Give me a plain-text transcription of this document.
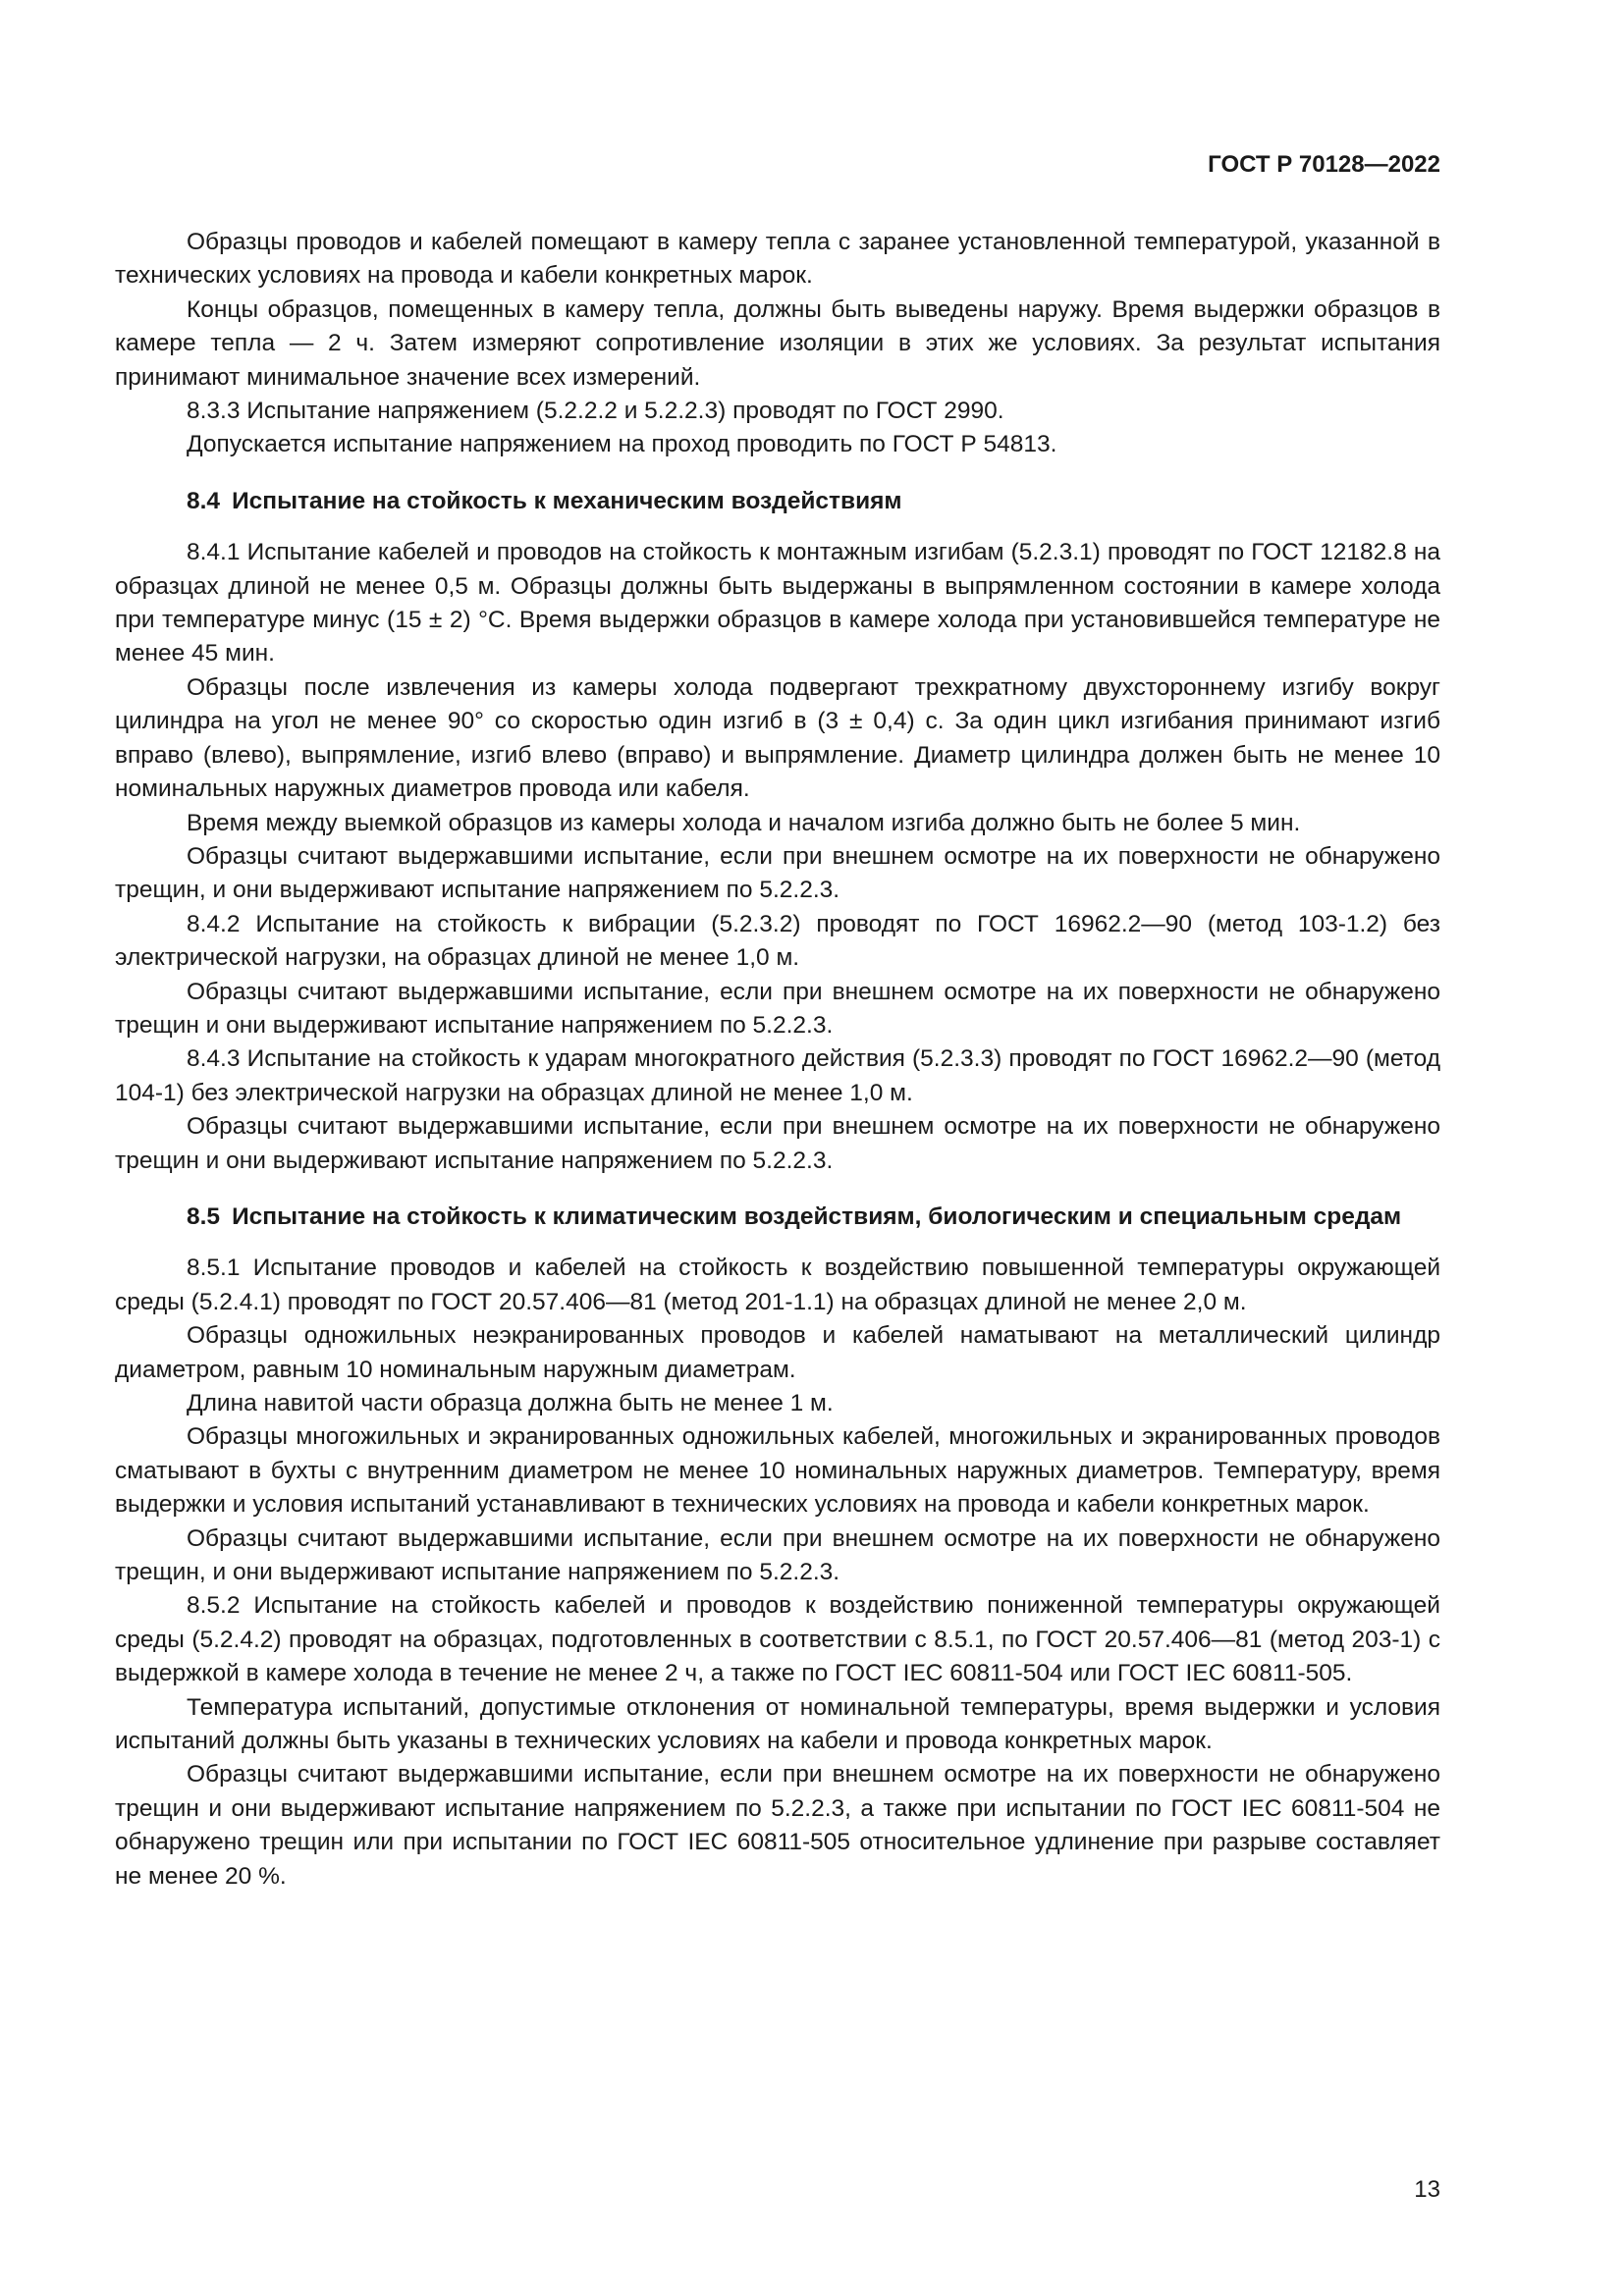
ГОСТ Р 70128—2022

Образцы проводов и кабелей помещают в камеру тепла с заранее установленной температурой, указанной в технических условиях на провода и кабели конкретных марок.

Концы образцов, помещенных в камеру тепла, должны быть выведены наружу. Время выдержки образцов в камере тепла — 2 ч. Затем измеряют сопротивление изоляции в этих же условиях. За результат испытания принимают минимальное значение всех измерений.

8.3.3 Испытание напряжением (5.2.2.2 и 5.2.2.3) проводят по ГОСТ 2990.

Допускается испытание напряжением на проход проводить по ГОСТ Р 54813.

8.4 Испытание на стойкость к механическим воздействиям

8.4.1 Испытание кабелей и проводов на стойкость к монтажным изгибам (5.2.3.1) проводят по ГОСТ 12182.8 на образцах длиной не менее 0,5 м. Образцы должны быть выдержаны в выпрямленном состоянии в камере холода при температуре минус (15 ± 2) °С. Время выдержки образцов в камере холода при установившейся температуре не менее 45 мин.

Образцы после извлечения из камеры холода подвергают трехкратному двухстороннему изгибу вокруг цилиндра на угол не менее 90° со скоростью один изгиб в (3 ± 0,4) с. За один цикл изгибания принимают изгиб вправо (влево), выпрямление, изгиб влево (вправо) и выпрямление. Диаметр цилиндра должен быть не менее 10 номинальных наружных диаметров провода или кабеля.

Время между выемкой образцов из камеры холода и началом изгиба должно быть не более 5 мин.

Образцы считают выдержавшими испытание, если при внешнем осмотре на их поверхности не обнаружено трещин, и они выдерживают испытание напряжением по 5.2.2.3.

8.4.2 Испытание на стойкость к вибрации (5.2.3.2) проводят по ГОСТ 16962.2—90 (метод 103-1.2) без электрической нагрузки, на образцах длиной не менее 1,0 м.

Образцы считают выдержавшими испытание, если при внешнем осмотре на их поверхности не обнаружено трещин и они выдерживают испытание напряжением по 5.2.2.3.

8.4.3 Испытание на стойкость к ударам многократного действия (5.2.3.3) проводят по ГОСТ 16962.2—90 (метод 104-1) без электрической нагрузки на образцах длиной не менее 1,0 м.

Образцы считают выдержавшими испытание, если при внешнем осмотре на их поверхности не обнаружено трещин и они выдерживают испытание напряжением по 5.2.2.3.

8.5 Испытание на стойкость к климатическим воздействиям, биологическим и специальным средам

8.5.1 Испытание проводов и кабелей на стойкость к воздействию повышенной температуры окружающей среды (5.2.4.1) проводят по ГОСТ 20.57.406—81 (метод 201-1.1) на образцах длиной не менее 2,0 м.

Образцы одножильных неэкранированных проводов и кабелей наматывают на металлический цилиндр диаметром, равным 10 номинальным наружным диаметрам.

Длина навитой части образца должна быть не менее 1 м.

Образцы многожильных и экранированных одножильных кабелей, многожильных и экранированных проводов сматывают в бухты с внутренним диаметром не менее 10 номинальных наружных диаметров. Температуру, время выдержки и условия испытаний устанавливают в технических условиях на провода и кабели конкретных марок.

Образцы считают выдержавшими испытание, если при внешнем осмотре на их поверхности не обнаружено трещин, и они выдерживают испытание напряжением по 5.2.2.3.

8.5.2 Испытание на стойкость кабелей и проводов к воздействию пониженной температуры окружающей среды (5.2.4.2) проводят на образцах, подготовленных в соответствии с 8.5.1, по ГОСТ 20.57.406—81 (метод 203-1) с выдержкой в камере холода в течение не менее 2 ч, а также по ГОСТ IEC 60811-504 или ГОСТ IEC 60811-505.

Температура испытаний, допустимые отклонения от номинальной температуры, время выдержки и условия испытаний должны быть указаны в технических условиях на кабели и провода конкретных марок.

Образцы считают выдержавшими испытание, если при внешнем осмотре на их поверхности не обнаружено трещин и они выдерживают испытание напряжением по 5.2.2.3, а также при испытании по ГОСТ IEC 60811-504 не обнаружено трещин или при испытании по ГОСТ IEC 60811-505 относительное удлинение при разрыве составляет не менее 20 %.

13
